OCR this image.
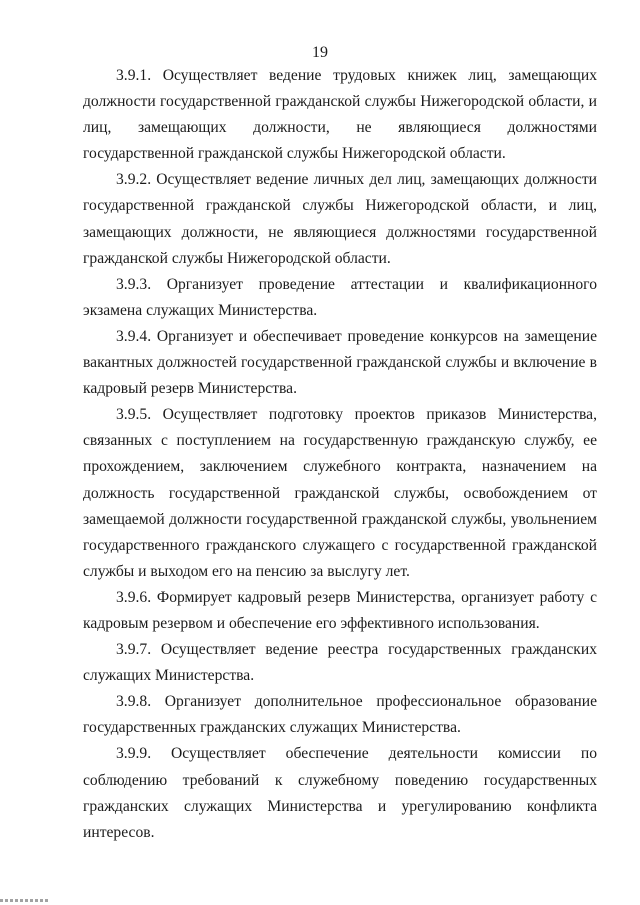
19

3.9.1. Осуществляет ведение трудовых книжек лиц, замещающих должности государственной гражданской службы Нижегородской области, и лиц, замещающих должности, не являющиеся должностями государственной гражданской службы Нижегородской области.

3.9.2. Осуществляет ведение личных дел лиц, замещающих должности государственной гражданской службы Нижегородской области, и лиц, замещающих должности, не являющиеся должностями государственной гражданской службы Нижегородской области.

3.9.3. Организует проведение аттестации и квалификационного экзамена служащих Министерства.

3.9.4. Организует и обеспечивает проведение конкурсов на замещение вакантных должностей государственной гражданской службы и включение в кадровый резерв Министерства.

3.9.5. Осуществляет подготовку проектов приказов Министерства, связанных с поступлением на государственную гражданскую службу, ее прохождением, заключением служебного контракта, назначением на должность государственной гражданской службы, освобождением от замещаемой должности государственной гражданской службы, увольнением государственного гражданского служащего с государственной гражданской службы и выходом его на пенсию за выслугу лет.

3.9.6. Формирует кадровый резерв Министерства, организует работу с кадровым резервом и обеспечение его эффективного использования.

3.9.7. Осуществляет ведение реестра государственных гражданских служащих Министерства.

3.9.8. Организует дополнительное профессиональное образование государственных гражданских служащих Министерства.

3.9.9. Осуществляет обеспечение деятельности комиссии по соблюдению требований к служебному поведению государственных гражданских служащих Министерства и урегулированию конфликта интересов.
